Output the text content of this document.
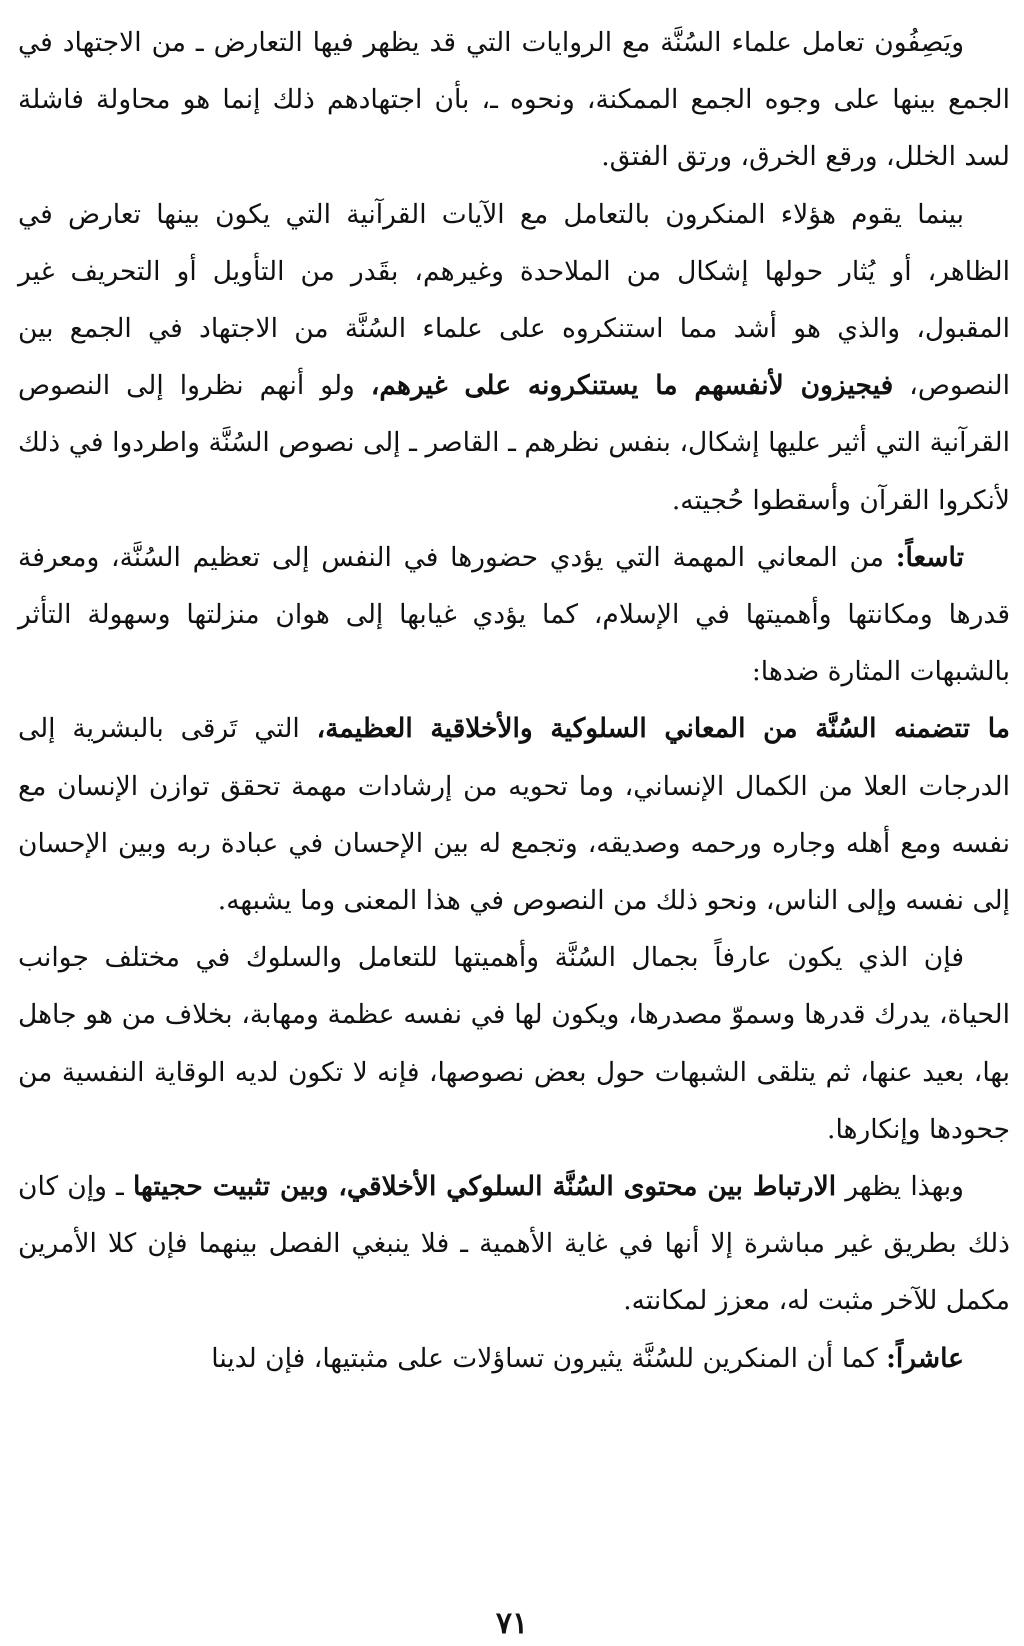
ويَصِفُون تعامل علماء السُنَّة مع الروايات التي قد يظهر فيها التعارض ـ من الاجتهاد في الجمع بينها على وجوه الجمع الممكنة، ونحوه ـ، بأن اجتهادهم ذلك إنما هو محاولة فاشلة لسد الخلل، ورقع الخرق، ورتق الفتق.

بينما يقوم هؤلاء المنكرون بالتعامل مع الآيات القرآنية التي يكون بينها تعارض في الظاهر، أو يُثار حولها إشكال من الملاحدة وغيرهم، بقَدر من التأويل أو التحريف غير المقبول، والذي هو أشد مما استنكروه على علماء السُنَّة من الاجتهاد في الجمع بين النصوص، فيجيزون لأنفسهم ما يستنكرونه على غيرهم، ولو أنهم نظروا إلى النصوص القرآنية التي أثير عليها إشكال، بنفس نظرهم ـ القاصر ـ إلى نصوص السُنَّة واطردوا في ذلك لأنكروا القرآن وأسقطوا حُجيته.

تاسعاً: من المعاني المهمة التي يؤدي حضورها في النفس إلى تعظيم السُنَّة، ومعرفة قدرها ومكانتها وأهميتها في الإسلام، كما يؤدي غيابها إلى هوان منزلتها وسهولة التأثر بالشبهات المثارة ضدها:

ما تتضمنه السُنَّة من المعاني السلوكية والأخلاقية العظيمة، التي تَرقى بالبشرية إلى الدرجات العلا من الكمال الإنساني، وما تحويه من إرشادات مهمة تحقق توازن الإنسان مع نفسه ومع أهله وجاره ورحمه وصديقه، وتجمع له بين الإحسان في عبادة ربه وبين الإحسان إلى نفسه وإلى الناس، ونحو ذلك من النصوص في هذا المعنى وما يشبهه.

فإن الذي يكون عارفاً بجمال السُنَّة وأهميتها للتعامل والسلوك في مختلف جوانب الحياة، يدرك قدرها وسموّ مصدرها، ويكون لها في نفسه عظمة ومهابة، بخلاف من هو جاهل بها، بعيد عنها، ثم يتلقى الشبهات حول بعض نصوصها، فإنه لا تكون لديه الوقاية النفسية من جحودها وإنكارها.

وبهذا يظهر الارتباط بين محتوى السُنَّة السلوكي الأخلاقي، وبين تثبيت حجيتها ـ وإن كان ذلك بطريق غير مباشرة إلا أنها في غاية الأهمية ـ فلا ينبغي الفصل بينهما فإن كلا الأمرين مكمل للآخر مثبت له، معزز لمكانته.

عاشراً: كما أن المنكرين للسُنَّة يثيرون تساؤلات على مثبتيها، فإن لدينا

٧١
